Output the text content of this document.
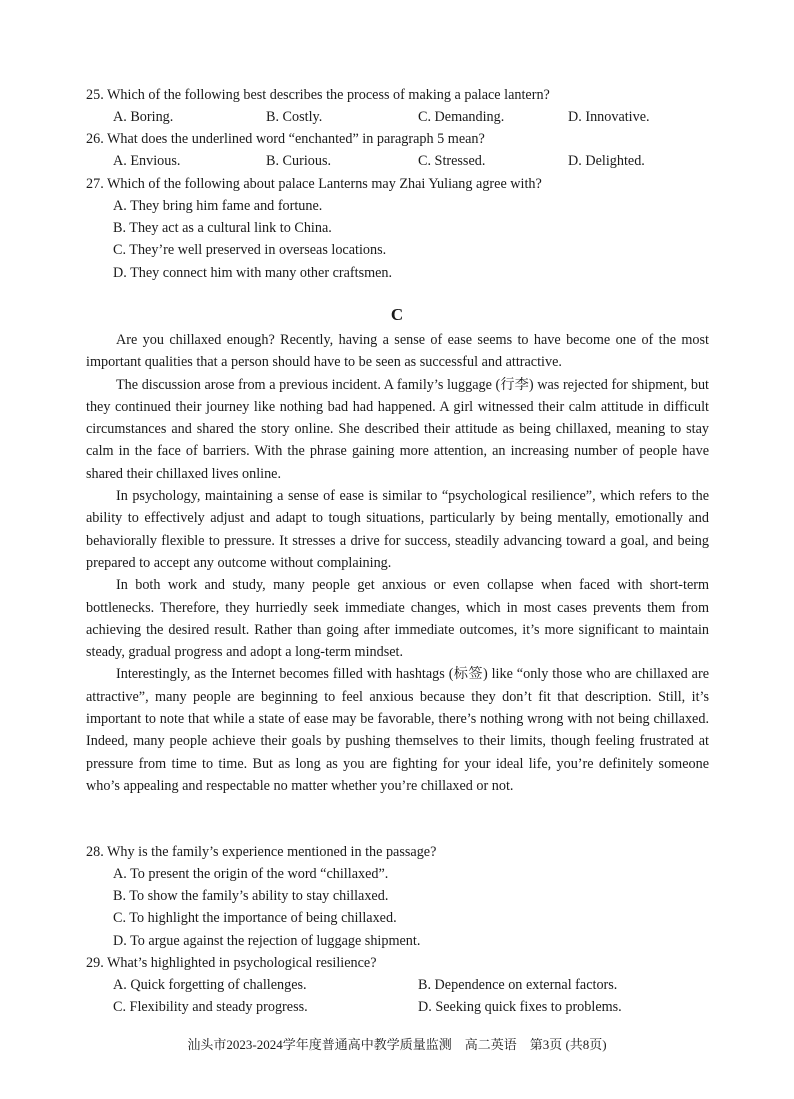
25. Which of the following best describes the process of making a palace lantern?
A. Boring.	B. Costly.	C. Demanding.	D. Innovative.
26. What does the underlined word “enchanted” in paragraph 5 mean?
A. Envious.	B. Curious.	C. Stressed.	D. Delighted.
27. Which of the following about palace Lanterns may Zhai Yuliang agree with?
A. They bring him fame and fortune.
B. They act as a cultural link to China.
C. They’re well preserved in overseas locations.
D. They connect him with many other craftsmen.
C

Are you chillaxed enough? Recently, having a sense of ease seems to have become one of the most important qualities that a person should have to be seen as successful and attractive.

The discussion arose from a previous incident. A family’s luggage (行李) was rejected for shipment, but they continued their journey like nothing bad had happened. A girl witnessed their calm attitude in difficult circumstances and shared the story online. She described their attitude as being chillaxed, meaning to stay calm in the face of barriers. With the phrase gaining more attention, an increasing number of people have shared their chillaxed lives online.

In psychology, maintaining a sense of ease is similar to “psychological resilience”, which refers to the ability to effectively adjust and adapt to tough situations, particularly by being mentally, emotionally and behaviorally flexible to pressure. It stresses a drive for success, steadily advancing toward a goal, and being prepared to accept any outcome without complaining.

In both work and study, many people get anxious or even collapse when faced with short-term bottlenecks. Therefore, they hurriedly seek immediate changes, which in most cases prevents them from achieving the desired result. Rather than going after immediate outcomes, it’s more significant to maintain steady, gradual progress and adopt a long-term mindset.

Interestingly, as the Internet becomes filled with hashtags (标签) like “only those who are chillaxed are attractive”, many people are beginning to feel anxious because they don’t fit that description. Still, it’s important to note that while a state of ease may be favorable, there’s nothing wrong with not being chillaxed. Indeed, many people achieve their goals by pushing themselves to their limits, though feeling frustrated at pressure from time to time. But as long as you are fighting for your ideal life, you’re definitely someone who’s appealing and respectable no matter whether you’re chillaxed or not.

28. Why is the family’s experience mentioned in the passage?
A. To present the origin of the word “chillaxed”.
B. To show the family’s ability to stay chillaxed.
C. To highlight the importance of being chillaxed.
D. To argue against the rejection of luggage shipment.
29. What’s highlighted in psychological resilience?
A. Quick forgetting of challenges.	B. Dependence on external factors.
C. Flexibility and steady progress.	D. Seeking quick fixes to problems.
汕头市2023-2024学年度普通高中教学质量监测　高二英语　第3页 (共8页)
